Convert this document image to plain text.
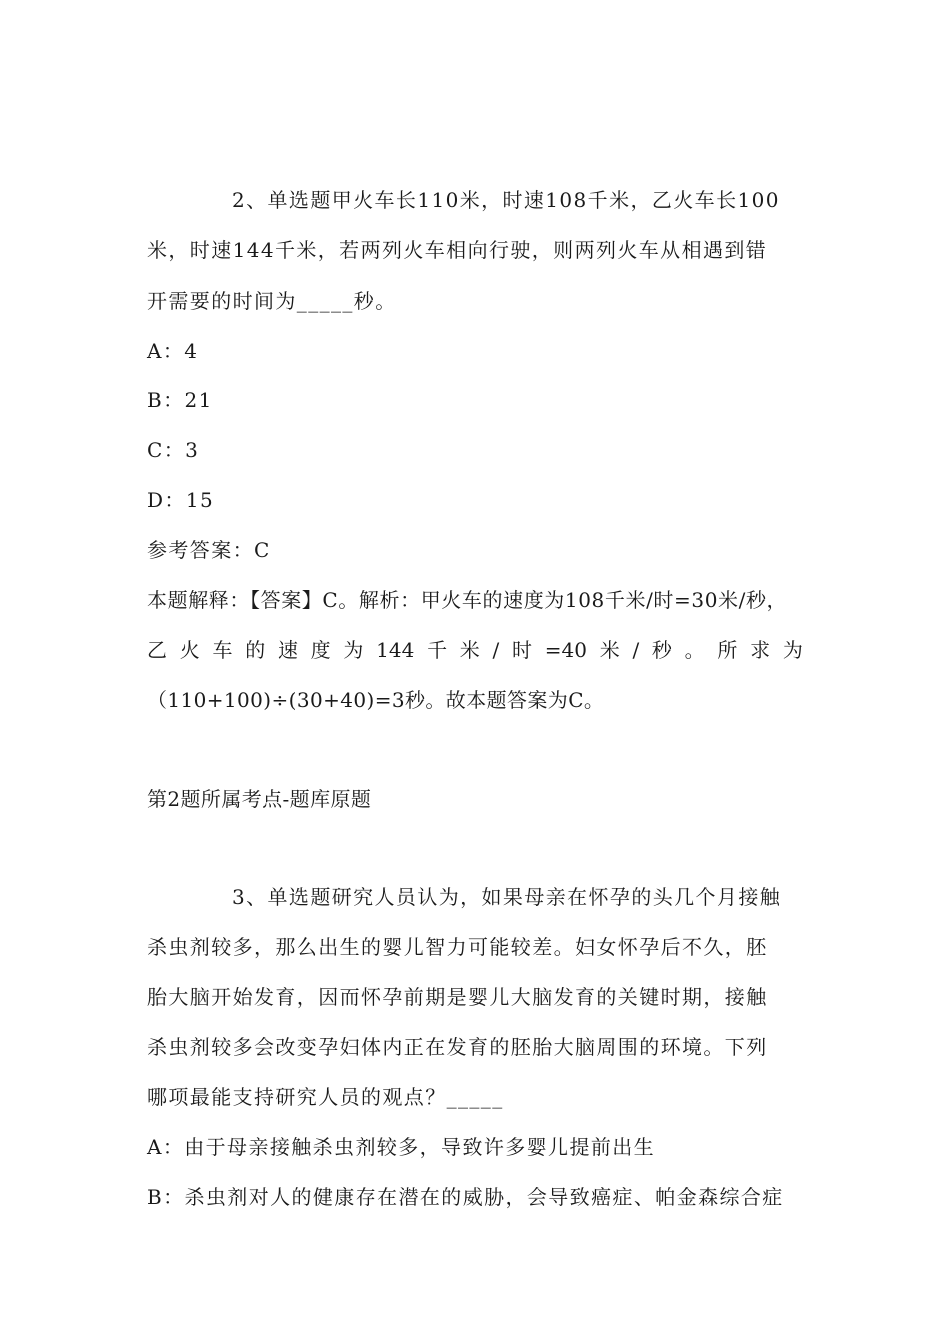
2、单选题甲火车长110米，时速108千米，乙火车长100
米，时速144千米，若两列火车相向行驶，则两列火车从相遇到错
开需要的时间为_____秒。
A：4
B：21
C：3
D：15
参考答案：C
本题解释：【答案】C。解析：甲火车的速度为108千米/时=30米/秒，
乙 火 车 的 速 度 为 144 千 米 / 时 =40 米 / 秒 。 所 求 为
（110+100)÷(30+40)=3秒。故本题答案为C。
第2题所属考点-题库原题
3、单选题研究人员认为，如果母亲在怀孕的头几个月接触
杀虫剂较多，那么出生的婴儿智力可能较差。妇女怀孕后不久，胚
胎大脑开始发育，因而怀孕前期是婴儿大脑发育的关键时期，接触
杀虫剂较多会改变孕妇体内正在发育的胚胎大脑周围的环境。下列
哪项最能支持研究人员的观点？_____
A：由于母亲接触杀虫剂较多，导致许多婴儿提前出生
B：杀虫剂对人的健康存在潜在的威胁，会导致癌症、帕金森综合症
